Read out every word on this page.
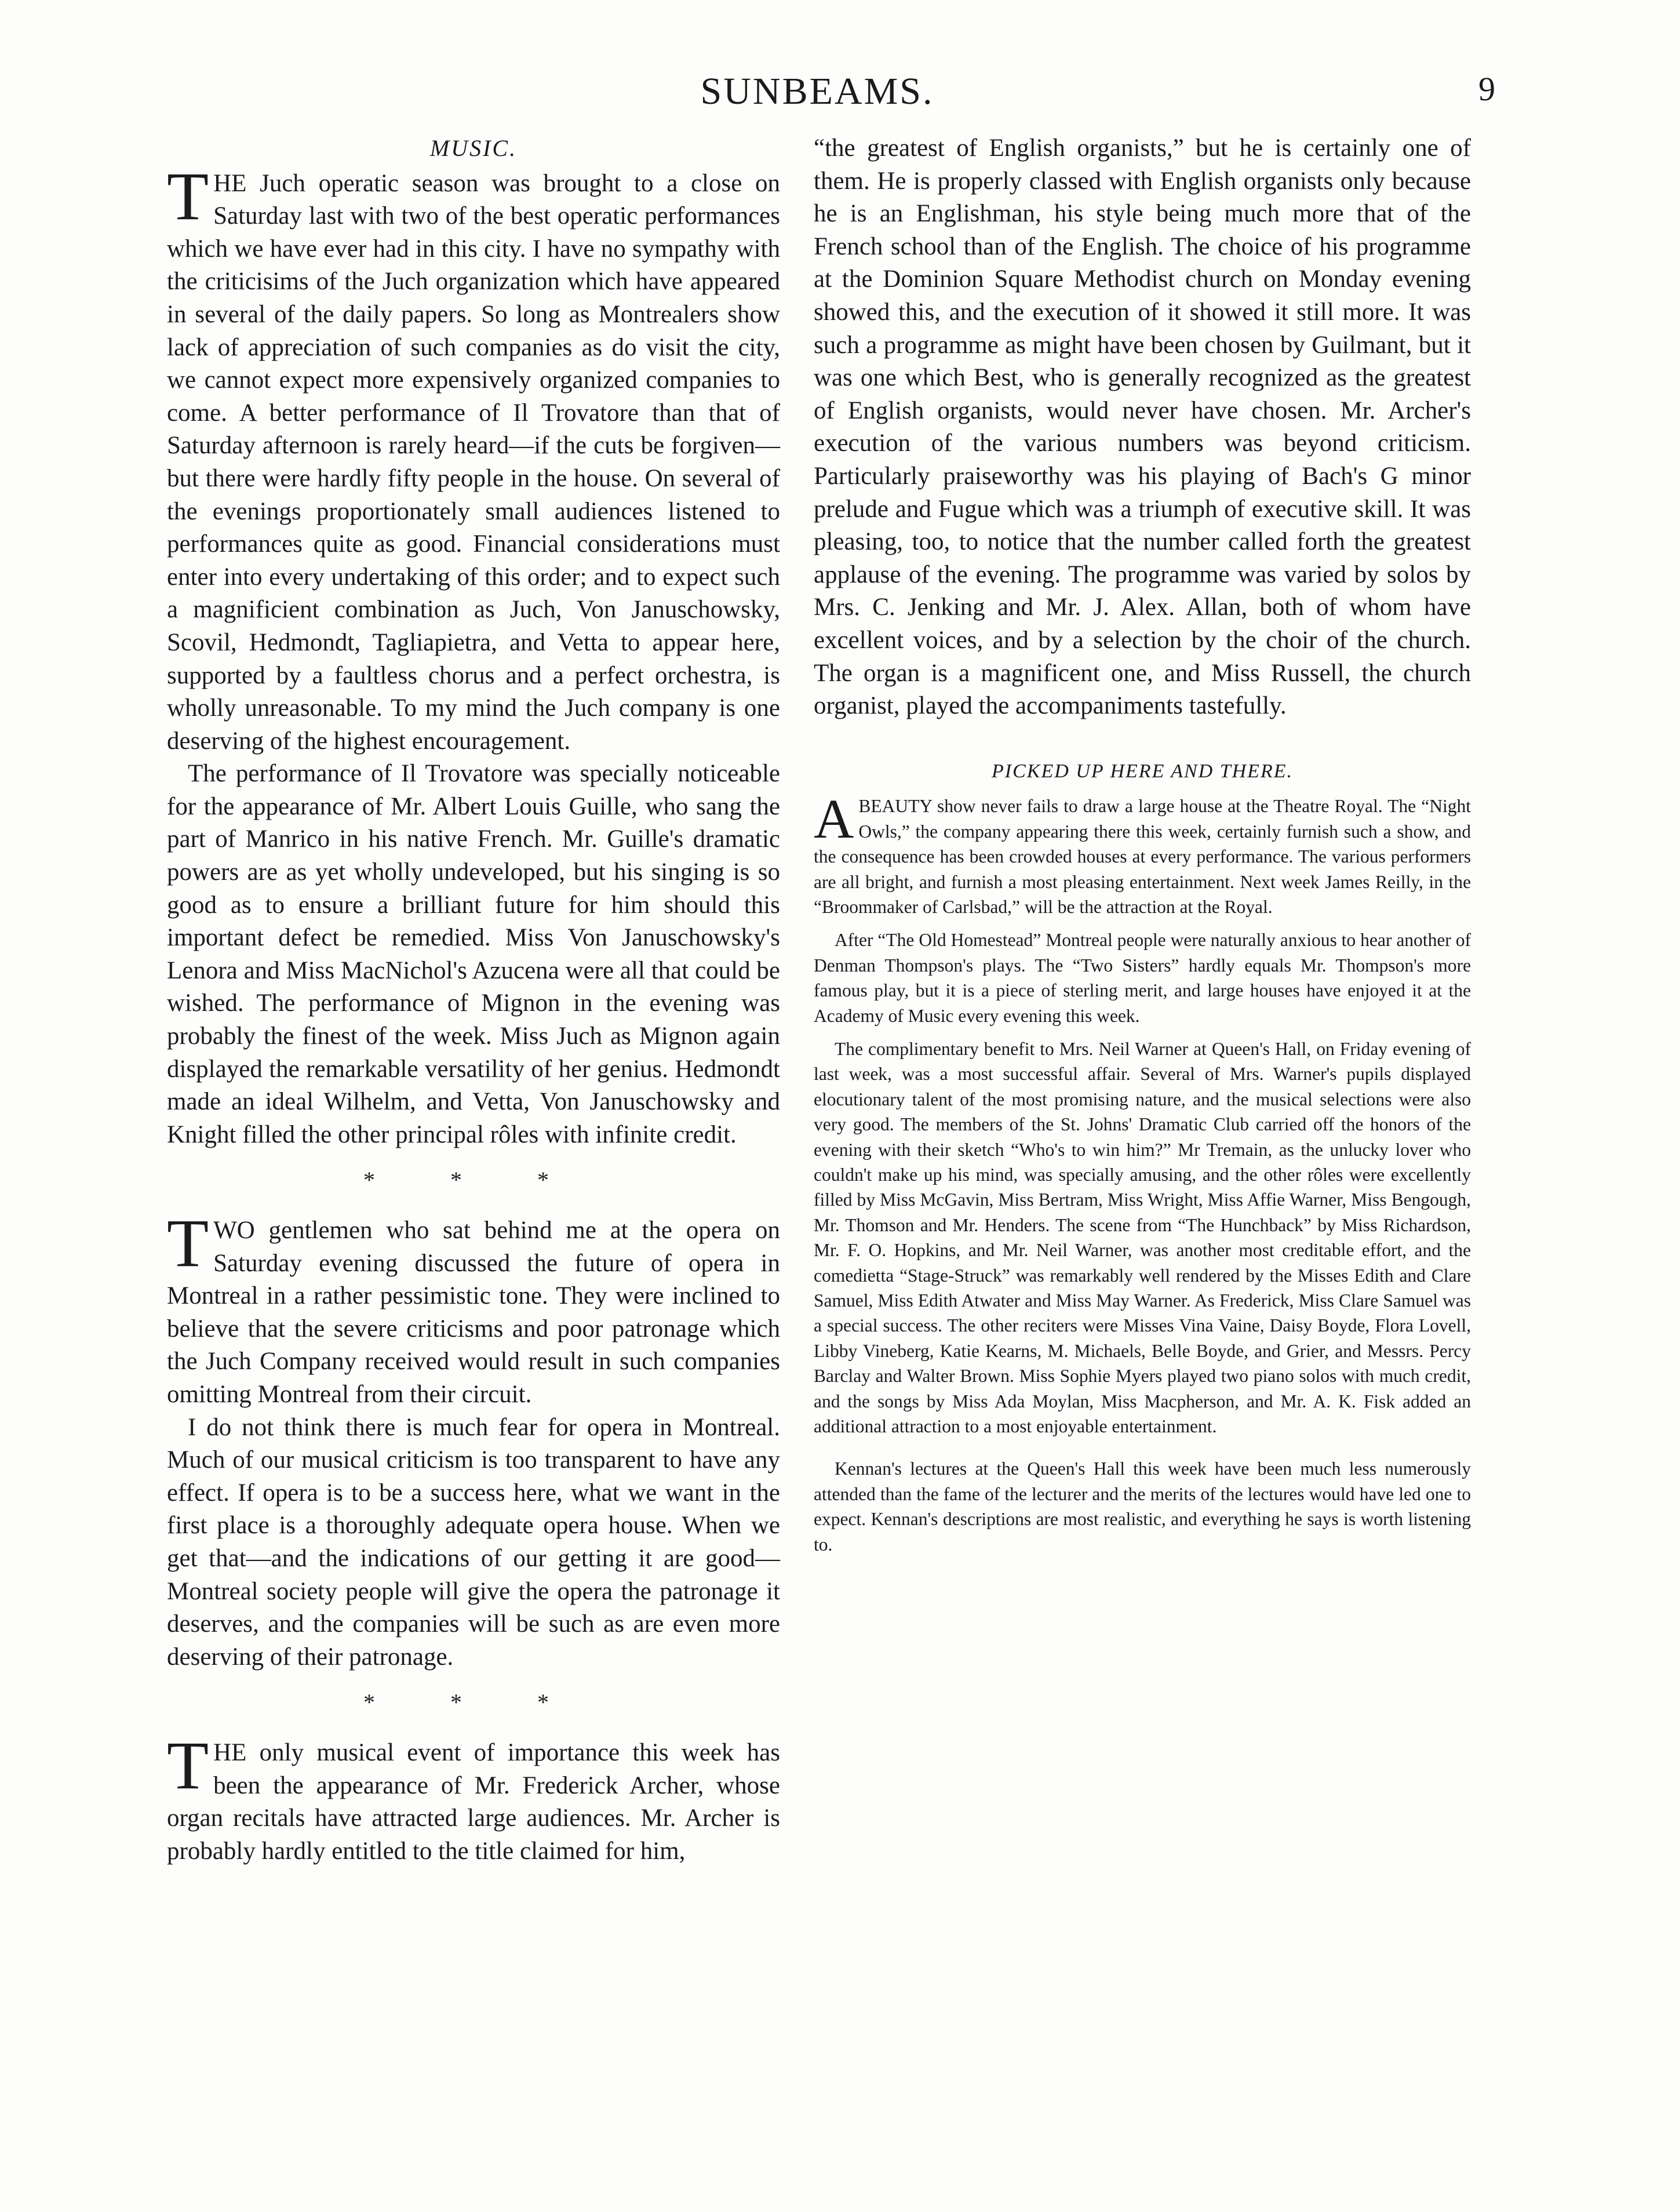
SUNBEAMS.	9
MUSIC.

THE Juch operatic season was brought to a close on Saturday last with two of the best operatic performances which we have ever had in this city. I have no sympathy with the criticisims of the Juch organization which have appeared in several of the daily papers. So long as Montrealers show lack of appreciation of such companies as do visit the city, we cannot expect more expensively organized companies to come. A better performance of Il Trovatore than that of Saturday afternoon is rarely heard—if the cuts be forgiven—but there were hardly fifty people in the house. On several of the evenings proportionately small audiences listened to performances quite as good. Financial considerations must enter into every undertaking of this order; and to expect such a magnificient combination as Juch, Von Januschowsky, Scovil, Hedmondt, Tagliapietra, and Vetta to appear here, supported by a faultless chorus and a perfect orchestra, is wholly unreasonable. To my mind the Juch company is one deserving of the highest encouragement.

The performance of Il Trovatore was specially noticeable for the appearance of Mr. Albert Louis Guille, who sang the part of Manrico in his native French. Mr. Guille's dramatic powers are as yet wholly undeveloped, but his singing is so good as to ensure a brilliant future for him should this important defect be remedied. Miss Von Januschowsky's Lenora and Miss MacNichol's Azucena were all that could be wished. The performance of Mignon in the evening was probably the finest of the week. Miss Juch as Mignon again displayed the remarkable versatility of her genius. Hedmondt made an ideal Wilhelm, and Vetta, Von Januschowsky and Knight filled the other principal rôles with infinite credit.

* * *

TWO gentlemen who sat behind me at the opera on Saturday evening discussed the future of opera in Montreal in a rather pessimistic tone. They were inclined to believe that the severe criticisms and poor patronage which the Juch Company received would result in such companies omitting Montreal from their circuit.

I do not think there is much fear for opera in Montreal. Much of our musical criticism is too transparent to have any effect. If opera is to be a success here, what we want in the first place is a thoroughly adequate opera house. When we get that—and the indications of our getting it are good—Montreal society people will give the opera the patronage it deserves, and the companies will be such as are even more deserving of their patronage.

* * *

THE only musical event of importance this week has been the appearance of Mr. Frederick Archer, whose organ recitals have attracted large audiences. Mr. Archer is probably hardly entitled to the title claimed for him,

“the greatest of English organists,” but he is certainly one of them. He is properly classed with English organists only because he is an Englishman, his style being much more that of the French school than of the English. The choice of his programme at the Dominion Square Methodist church on Monday evening showed this, and the execution of it showed it still more. It was such a programme as might have been chosen by Guilmant, but it was one which Best, who is generally recognized as the greatest of English organists, would never have chosen. Mr. Archer's execution of the various numbers was beyond criticism. Particularly praiseworthy was his playing of Bach's G minor prelude and Fugue which was a triumph of executive skill. It was pleasing, too, to notice that the number called forth the greatest applause of the evening. The programme was varied by solos by Mrs. C. Jenking and Mr. J. Alex. Allan, both of whom have excellent voices, and by a selection by the choir of the church. The organ is a magnificent one, and Miss Russell, the church organist, played the accompaniments tastefully.

PICKED UP HERE AND THERE.

ABEAUTY show never fails to draw a large house at the Theatre Royal. The “Night Owls,” the company appearing there this week, certainly furnish such a show, and the consequence has been crowded houses at every performance. The various performers are all bright, and furnish a most pleasing entertainment. Next week James Reilly, in the “Broommaker of Carlsbad,” will be the attraction at the Royal.

After “The Old Homestead” Montreal people were naturally anxious to hear another of Denman Thompson's plays. The “Two Sisters” hardly equals Mr. Thompson's more famous play, but it is a piece of sterling merit, and large houses have enjoyed it at the Academy of Music every evening this week.

The complimentary benefit to Mrs. Neil Warner at Queen's Hall, on Friday evening of last week, was a most successful affair. Several of Mrs. Warner's pupils displayed elocutionary talent of the most promising nature, and the musical selections were also very good. The members of the St. Johns' Dramatic Club carried off the honors of the evening with their sketch “Who's to win him?” Mr Tremain, as the unlucky lover who couldn't make up his mind, was specially amusing, and the other rôles were excellently filled by Miss McGavin, Miss Bertram, Miss Wright, Miss Affie Warner, Miss Bengough, Mr. Thomson and Mr. Henders. The scene from “The Hunchback” by Miss Richardson, Mr. F. O. Hopkins, and Mr. Neil Warner, was another most creditable effort, and the comedietta “Stage-Struck” was remarkably well rendered by the Misses Edith and Clare Samuel, Miss Edith Atwater and Miss May Warner. As Frederick, Miss Clare Samuel was a special success. The other reciters were Misses Vina Vaine, Daisy Boyde, Flora Lovell, Libby Vineberg, Katie Kearns, M. Michaels, Belle Boyde, and Grier, and Messrs. Percy Barclay and Walter Brown. Miss Sophie Myers played two piano solos with much credit, and the songs by Miss Ada Moylan, Miss Macpherson, and Mr. A. K. Fisk added an additional attraction to a most enjoyable entertainment.

Kennan's lectures at the Queen's Hall this week have been much less numerously attended than the fame of the lecturer and the merits of the lectures would have led one to expect. Kennan's descriptions are most realistic, and everything he says is worth listening to.
